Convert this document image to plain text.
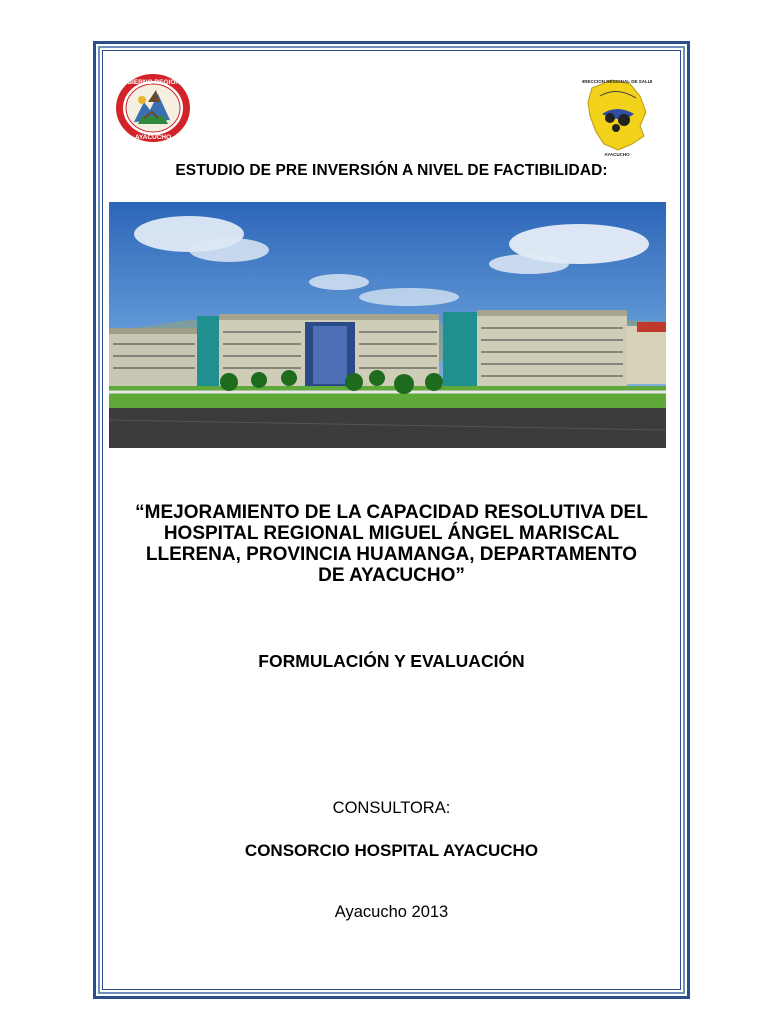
GOBIERNO REGIONAL
AYACUCHO
DIRECCION REGIONAL DE SALUD
AYACUCHO
ESTUDIO DE PRE INVERSIÓN A NIVEL DE FACTIBILIDAD:
“MEJORAMIENTO DE LA CAPACIDAD RESOLUTIVA DEL HOSPITAL REGIONAL MIGUEL ÁNGEL MARISCAL LLERENA, PROVINCIA HUAMANGA, DEPARTAMENTO DE AYACUCHO”
FORMULACIÓN Y EVALUACIÓN
CONSULTORA:
CONSORCIO HOSPITAL AYACUCHO
Ayacucho 2013
